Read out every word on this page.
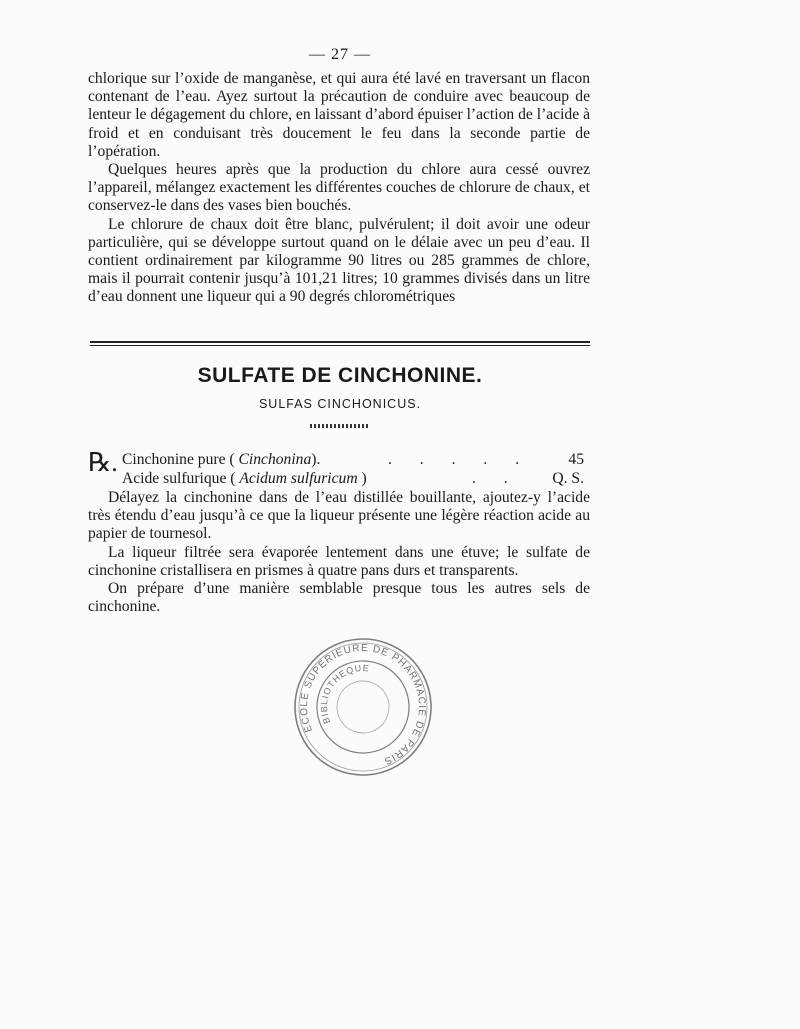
— 27 —

chlorique sur l’oxide de manganèse, et qui aura été lavé en traversant un flacon contenant de l’eau. Ayez surtout la précaution de conduire avec beaucoup de lenteur le dégagement du chlore, en laissant d’abord épuiser l’action de l’acide à froid et en conduisant très doucement le feu dans la seconde partie de l’opération.

Quelques heures après que la production du chlore aura cessé ouvrez l’appareil, mélangez exactement les différentes couches de chlorure de chaux, et conservez-le dans des vases bien bouchés.

Le chlorure de chaux doit être blanc, pulvérulent; il doit avoir une odeur particulière, qui se développe surtout quand on le délaie avec un peu d’eau. Il contient ordinairement par kilogramme 90 litres ou 285 grammes de chlore, mais il pourrait contenir jusqu’à 101,21 litres; 10 grammes divisés dans un litre d’eau donnent une liqueur qui a 90 degrés chlorométriques

SULFATE DE CINCHONINE.
SULFAS CINCHONICUS.
℞. Cinchonine pure ( Cinchonina).	. . . . . 45
Acide sulfurique ( Acidum sulfuricum )	. . Q. S.

Délayez la cinchonine dans de l’eau distillée bouillante, ajoutez-y l’acide très étendu d’eau jusqu’à ce que la liqueur présente une légère réaction acide au papier de tournesol.

La liqueur filtrée sera évaporée lentement dans une étuve; le sulfate de cinchonine cristallisera en prismes à quatre pans durs et transparents.

On prépare d’une manière semblable presque tous les autres sels de cinchonine.

ECOLE SUPERIEURE DE PHARMACIE DE PARIS
BIBLIOTHEQUE
